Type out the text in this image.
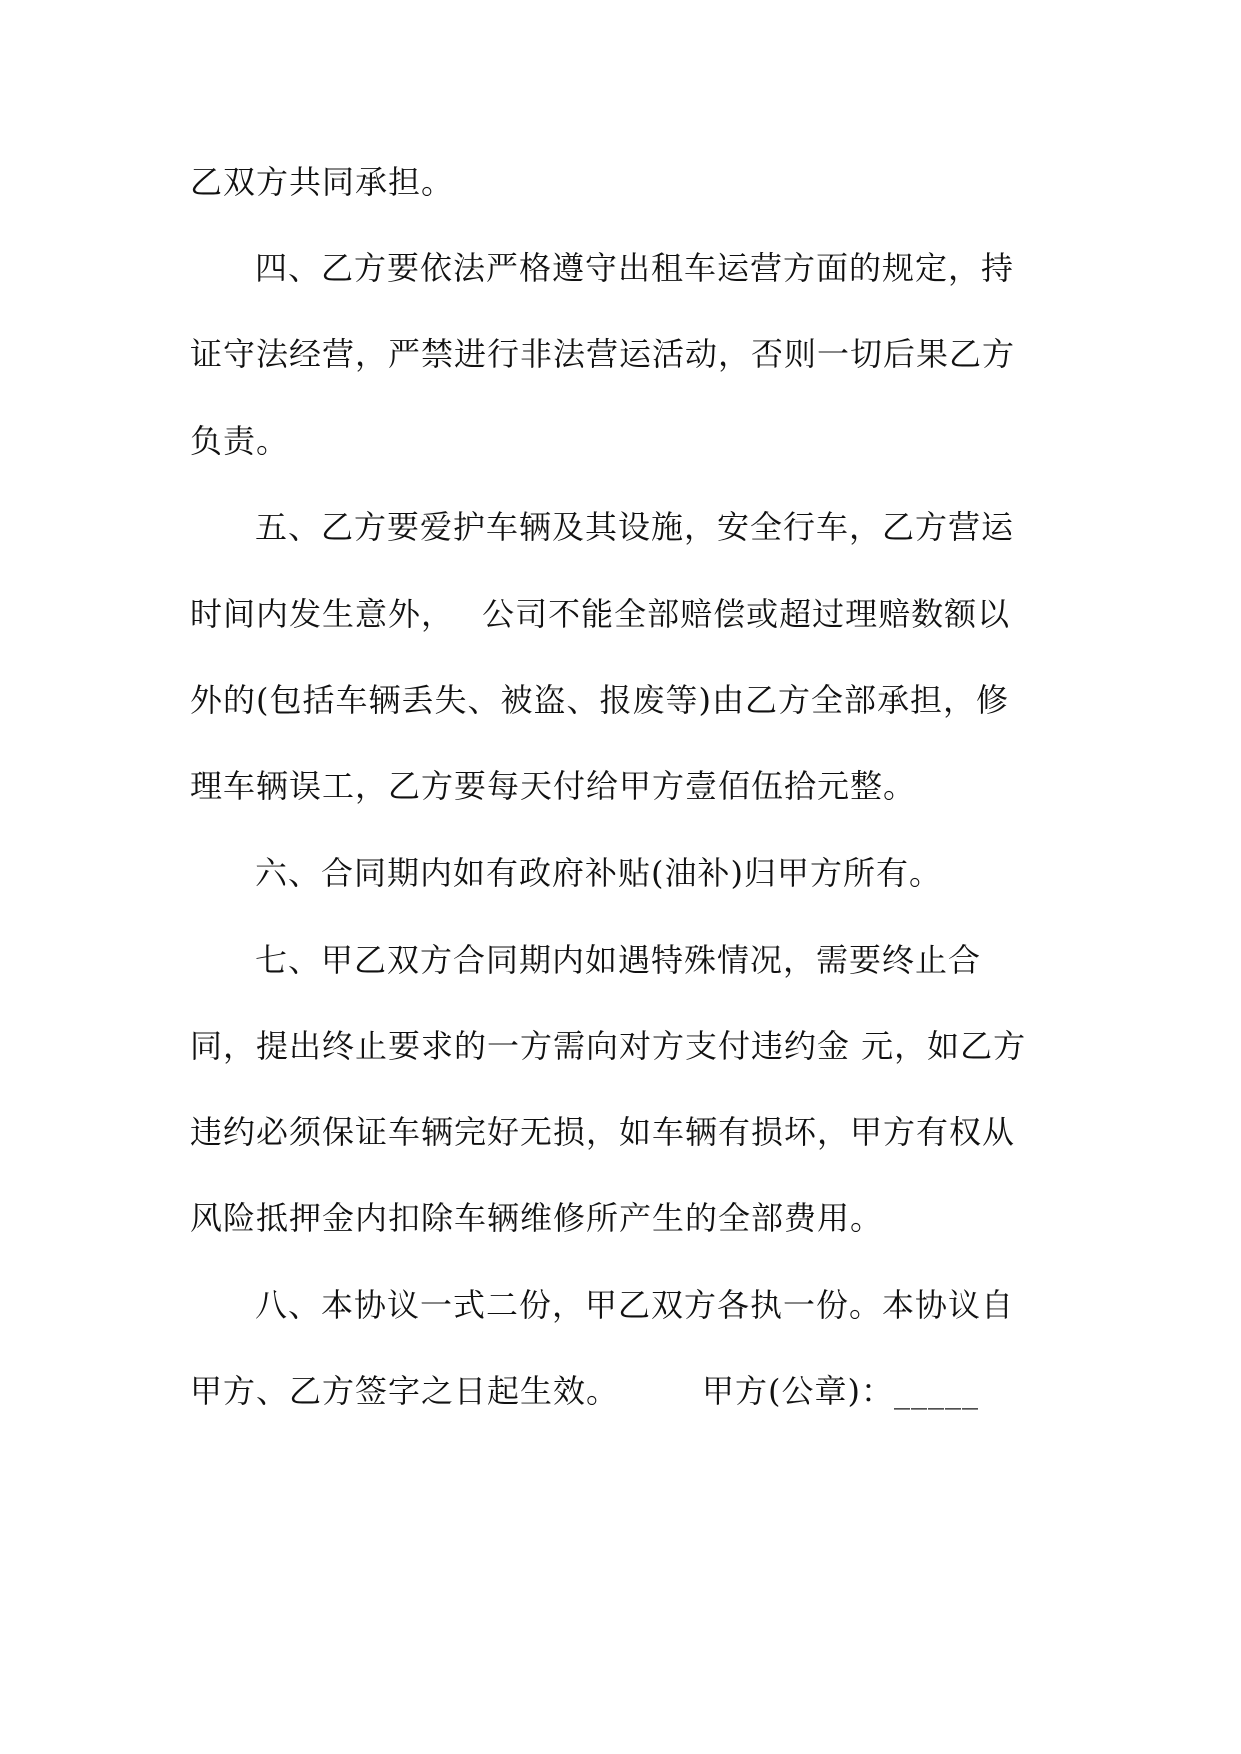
乙双方共同承担。
四、乙方要依法严格遵守出租车运营方面的规定，持
证守法经营，严禁进行非法营运活动，否则一切后果乙方
负责。
五、乙方要爱护车辆及其设施，安全行车，乙方营运
时间内发生意外，　 公司不能全部赔偿或超过理赔数额以
外的(包括车辆丢失、被盗、报废等)由乙方全部承担，修
理车辆误工，乙方要每天付给甲方壹佰伍拾元整。
六、合同期内如有政府补贴(油补)归甲方所有。
七、甲乙双方合同期内如遇特殊情况，需要终止合
同，提出终止要求的一方需向对方支付违约金 元，如乙方
违约必须保证车辆完好无损，如车辆有损坏，甲方有权从
风险抵押金内扣除车辆维修所产生的全部费用。
八、本协议一式二份，甲乙双方各执一份。本协议自
甲方、乙方签字之日起生效。　　　甲方(公章)：_____
